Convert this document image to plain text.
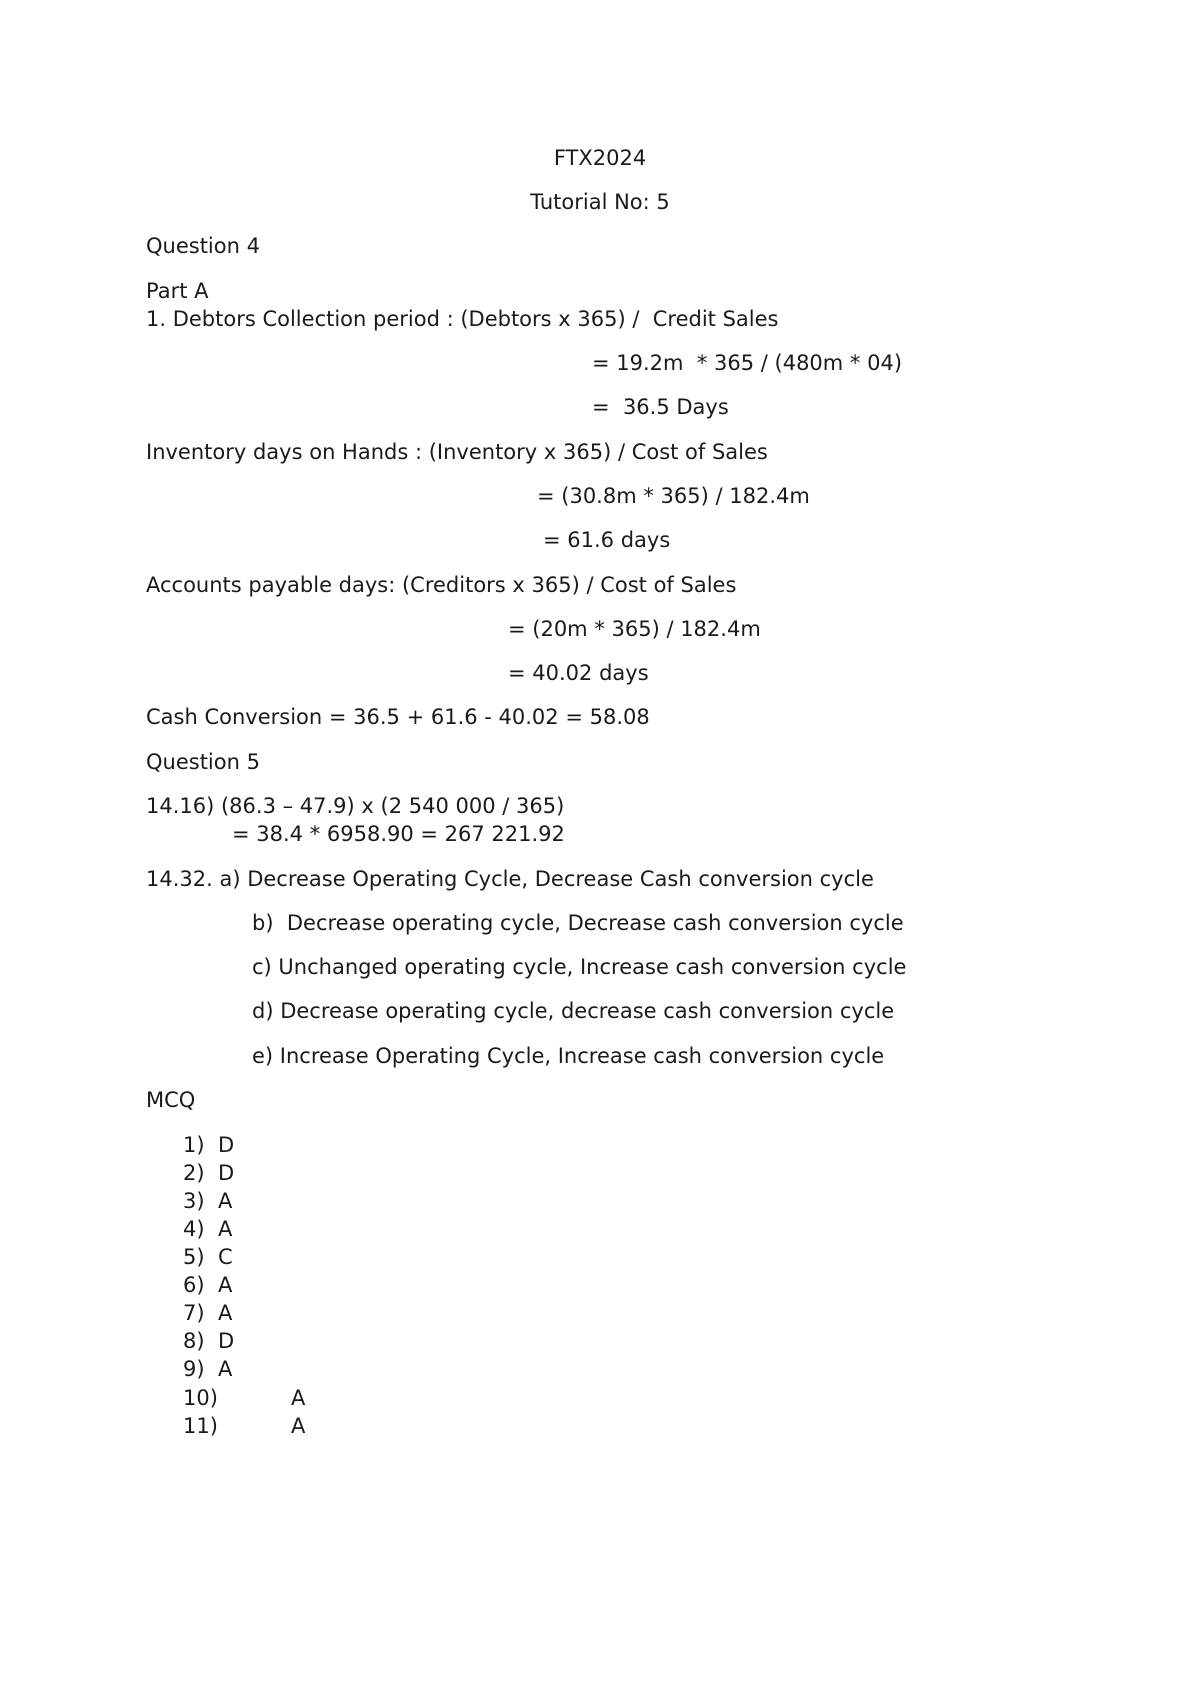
FTX2024
Tutorial No: 5
Question 4
Part A
1. Debtors Collection period : (Debtors x 365) /  Credit Sales
= 19.2m  * 365 / (480m * 04)
=  36.5 Days
Inventory days on Hands : (Inventory x 365) / Cost of Sales
= (30.8m * 365) / 182.4m
= 61.6 days
Accounts payable days: (Creditors x 365) / Cost of Sales
= (20m * 365) / 182.4m
= 40.02 days
Cash Conversion = 36.5 + 61.6 - 40.02 = 58.08
Question 5
14.16) (86.3 – 47.9) x (2 540 000 / 365)
= 38.4 * 6958.90 = 267 221.92
14.32. a) Decrease Operating Cycle, Decrease Cash conversion cycle
b)  Decrease operating cycle, Decrease cash conversion cycle
c) Unchanged operating cycle, Increase cash conversion cycle
d) Decrease operating cycle, decrease cash conversion cycle
e) Increase Operating Cycle, Increase cash conversion cycle
MCQ
1) D
2) D
3) A
4) A
5) C
6) A
7) A
8) D
9) A
10)	A
11)	A
